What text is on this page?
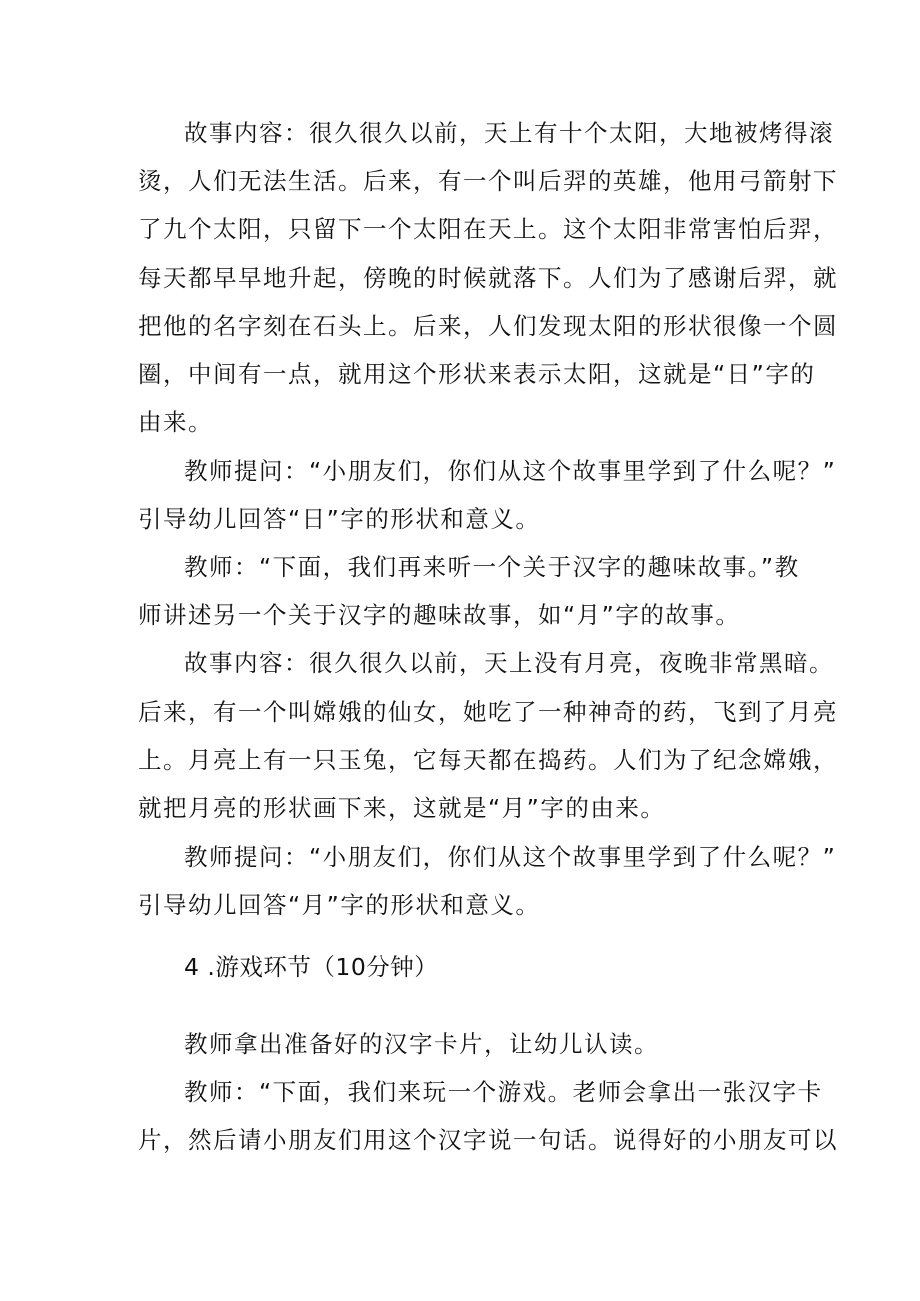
故事内容：很久很久以前，天上有十个太阳，大地被烤得滚

烫，人们无法生活。后来，有一个叫后羿的英雄，他用弓箭射下

了九个太阳，只留下一个太阳在天上。这个太阳非常害怕后羿，

每天都早早地升起，傍晚的时候就落下。人们为了感谢后羿，就

把他的名字刻在石头上。后来，人们发现太阳的形状很像一个圆

圈，中间有一点，就用这个形状来表示太阳，这就是“日”字的

由来。

教师提问：“小朋友们，你们从这个故事里学到了什么呢？”

引导幼儿回答“日”字的形状和意义。

教师：“下面，我们再来听一个关于汉字的趣味故事。”教

师讲述另一个关于汉字的趣味故事，如“月”字的故事。

故事内容：很久很久以前，天上没有月亮，夜晚非常黑暗。

后来，有一个叫嫦娥的仙女，她吃了一种神奇的药，飞到了月亮

上。月亮上有一只玉兔，它每天都在捣药。人们为了纪念嫦娥，

就把月亮的形状画下来，这就是“月”字的由来。

教师提问：“小朋友们，你们从这个故事里学到了什么呢？”

引导幼儿回答“月”字的形状和意义。

4 .游戏环节（10分钟）

教师拿出准备好的汉字卡片，让幼儿认读。

教师：“下面，我们来玩一个游戏。老师会拿出一张汉字卡

片，然后请小朋友们用这个汉字说一句话。说得好的小朋友可以
